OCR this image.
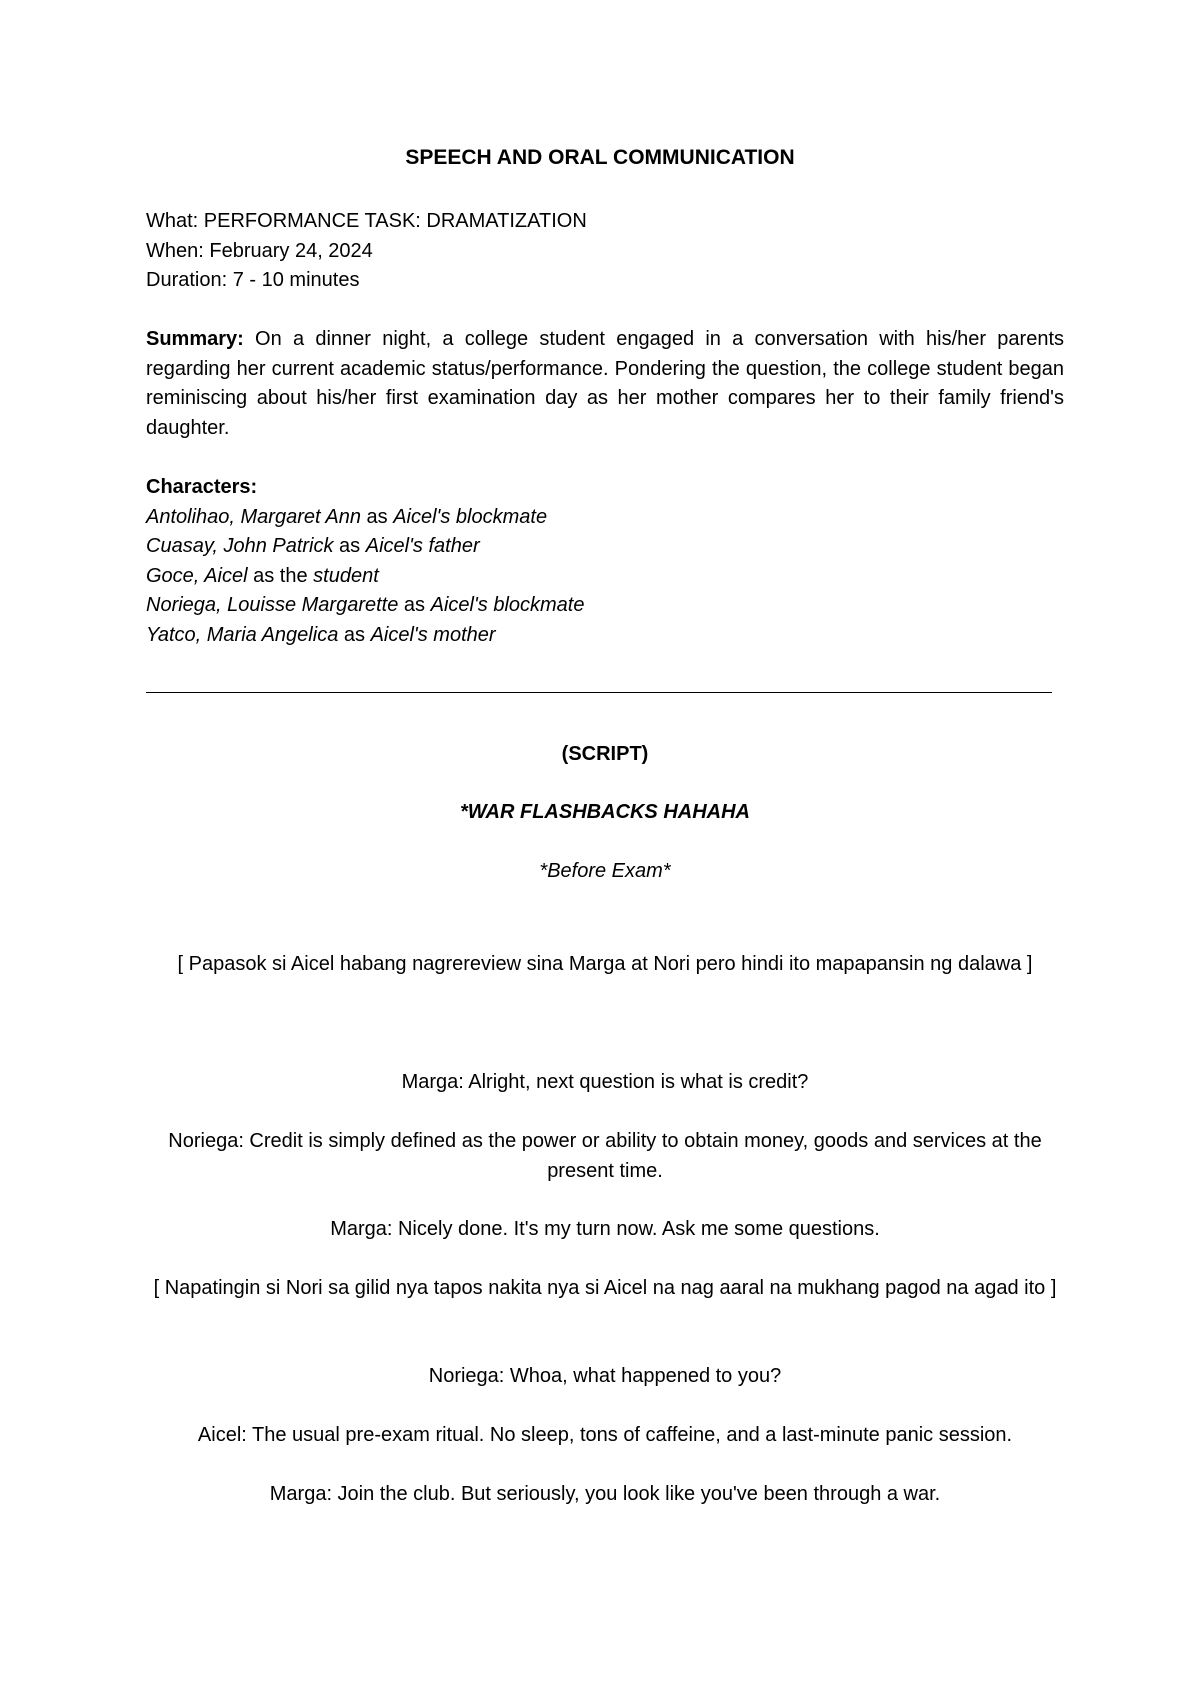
SPEECH AND ORAL COMMUNICATION
What: PERFORMANCE TASK: DRAMATIZATION
When: February 24, 2024
Duration: 7 - 10 minutes
Summary: On a dinner night, a college student engaged in a conversation with his/her parents regarding her current academic status/performance. Pondering the question, the college student began reminiscing about his/her first examination day as her mother compares her to their family friend's daughter.
Characters:
Antolihao, Margaret Ann as Aicel's blockmate
Cuasay, John Patrick as Aicel's father
Goce, Aicel as the student
Noriega, Louisse Margarette as Aicel's blockmate
Yatco, Maria Angelica as Aicel's mother
(SCRIPT)
*WAR FLASHBACKS HAHAHA
*Before Exam*
[ Papasok si Aicel habang nagrereview sina Marga at Nori pero hindi ito mapapansin ng dalawa ]
Marga: Alright, next question is what is credit?
Noriega: Credit is simply defined as the power or ability to obtain money, goods and services at the present time.
Marga: Nicely done. It's my turn now. Ask me some questions.
[ Napatingin si Nori sa gilid nya tapos nakita nya si Aicel na nag aaral na mukhang pagod na agad ito ]
Noriega: Whoa, what happened to you?
Aicel: The usual pre-exam ritual. No sleep, tons of caffeine, and a last-minute panic session.
Marga: Join the club. But seriously, you look like you've been through a war.
